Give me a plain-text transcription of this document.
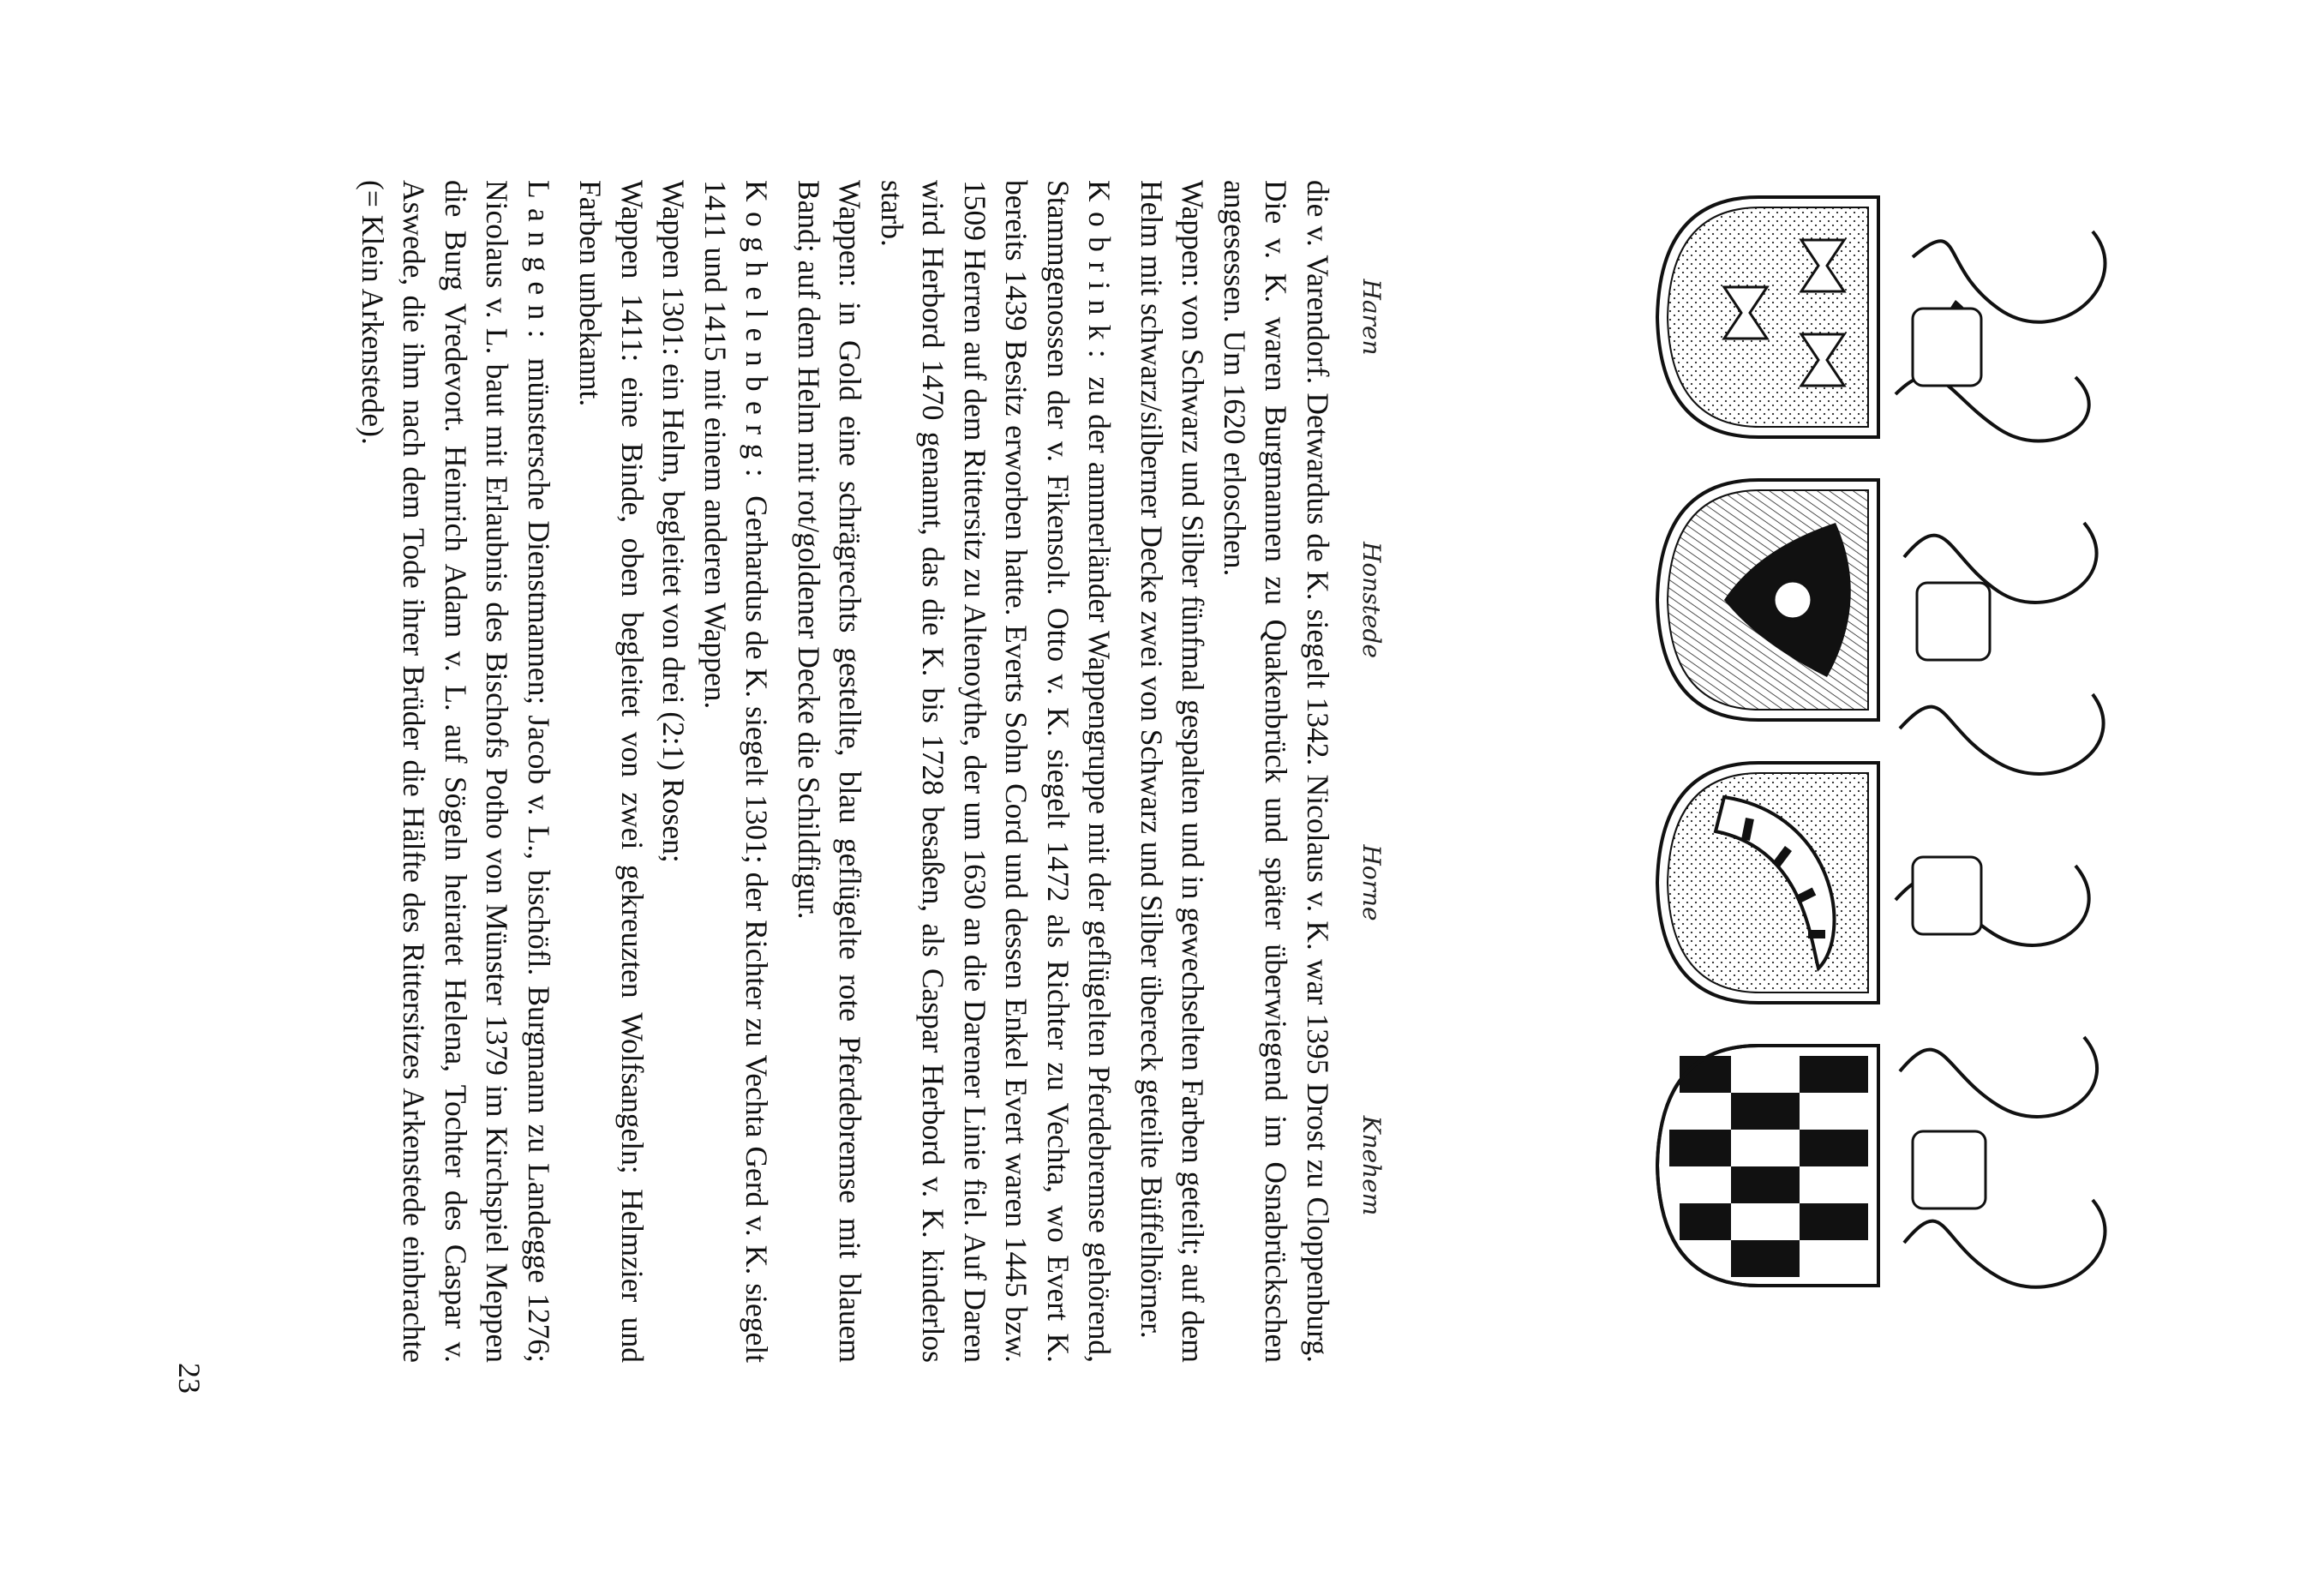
Haren
Honstede
Horne
Knehem

die v. Varendorf. Detwardus de K. siegelt 1342. Nicolaus v. K. war 1395 Drost zu Cloppenburg. Die v. K. waren Burgmannen zu Quakenbrück und später überwiegend im Osnabrückschen angesessen. Um 1620 erloschen.

Wappen: von Schwarz und Silber fünfmal gespalten und in gewechselten Farben geteilt; auf dem Helm mit schwarz/silberner Decke zwei von Schwarz und Silber übereck geteilte Büffelhörner.

Kobrink: zu der ammerländer Wappengruppe mit der geflügelten Pferdebremse gehörend, Stammgenossen der v. Fikensolt. Otto v. K. siegelt 1472 als Richter zu Vechta, wo Evert K. bereits 1439 Besitz erworben hatte. Everts Sohn Cord und dessen Enkel Evert waren 1445 bzw. 1509 Herren auf dem Rittersitz zu Altenoythe, der um 1630 an die Darener Linie fiel. Auf Daren wird Herbord 1470 genannt, das die K. bis 1728 besaßen, als Caspar Herbord v. K. kinderlos starb.

Wappen: in Gold eine schrägrechts gestellte, blau geflügelte rote Pferdebremse mit blauem Band; auf dem Helm mit rot/goldener Decke die Schildfigur.

Koghelenberg: Gerhardus de K. siegelt 1301; der Richter zu Vechta Gerd v. K. siegelt 1411 und 1415 mit einem anderen Wappen.

Wappen 1301: ein Helm, begleitet von drei (2:1) Rosen;

Wappen 1411: eine Binde, oben begleitet von zwei gekreuzten Wolfsangeln; Helmzier und Farben unbekannt.

Langen: münstersche Dienstmannen; Jacob v. L., bischöfl. Burgmann zu Landegge 1276; Nicolaus v. L. baut mit Erlaubnis des Bischofs Potho von Münster 1379 im Kirchspiel Meppen die Burg Vredevort. Heinrich Adam v. L. auf Sögeln heiratet Helena, Tochter des Caspar v. Aswede, die ihm nach dem Tode ihrer Brüder die Hälfte des Rittersitzes Arkenstede einbrachte (= Klein Arkenstede).

23
